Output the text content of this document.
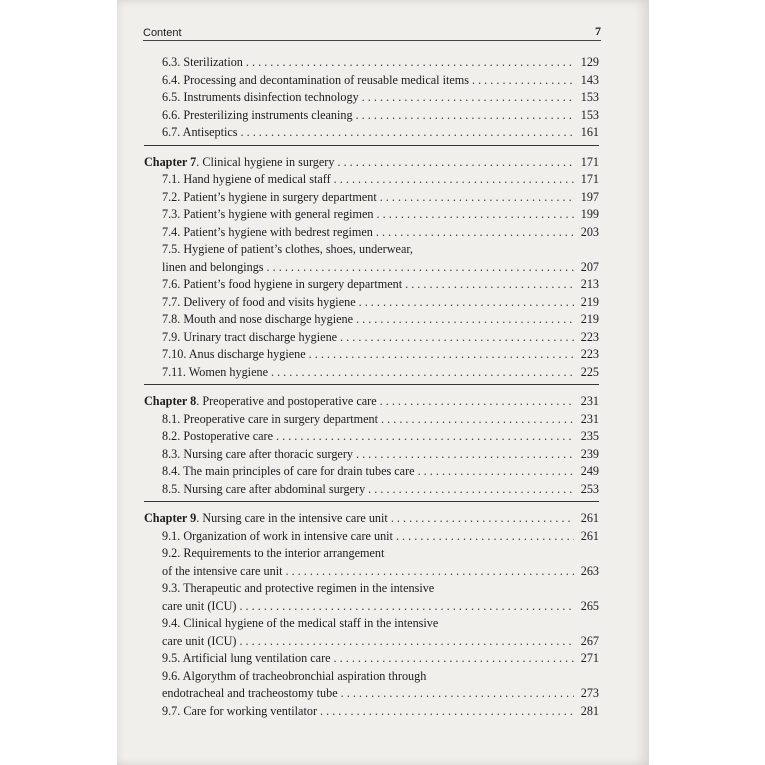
Content	7
6.3. Sterilization . . .	129
6.4. Processing and decontamination of reusable medical items . . .	143
6.5. Instruments disinfection technology . . .	153
6.6. Presterilizing instruments cleaning . . .	153
6.7. Antiseptics . . .	161
Chapter 7. Clinical hygiene in surgery . . .	171
7.1. Hand hygiene of medical staff . . .	171
7.2. Patient’s hygiene in surgery department . . .	197
7.3. Patient’s hygiene with general regimen . . .	199
7.4. Patient’s hygiene with bedrest regimen . . .	203
7.5. Hygiene of patient’s clothes, shoes, underwear,
linen and belongings . . .	207
7.6. Patient’s food hygiene in surgery department . . .	213
7.7. Delivery of food and visits hygiene . . .	219
7.8. Mouth and nose discharge hygiene . . .	219
7.9. Urinary tract discharge hygiene . . .	223
7.10. Anus discharge hygiene . . .	223
7.11. Women hygiene . . .	225
Chapter 8. Preoperative and postoperative care . . .	231
8.1. Preoperative care in surgery department . . .	231
8.2. Postoperative care . . .	235
8.3. Nursing care after thoracic surgery . . .	239
8.4. The main principles of care for drain tubes care . . .	249
8.5. Nursing care after abdominal surgery . . .	253
Chapter 9. Nursing care in the intensive care unit . . .	261
9.1. Organization of work in intensive care unit . . .	261
9.2. Requirements to the interior arrangement
of the intensive care unit . . .	263
9.3. Therapeutic and protective regimen in the intensive
care unit (ICU) . . .	265
9.4. Clinical hygiene of the medical staff in the intensive
care unit (ICU) . . .	267
9.5. Artificial lung ventilation care . . .	271
9.6. Algorythm of tracheobronchial aspiration through
endotracheal and tracheostomy tube . . .	273
9.7. Care for working ventilator . . .	281
